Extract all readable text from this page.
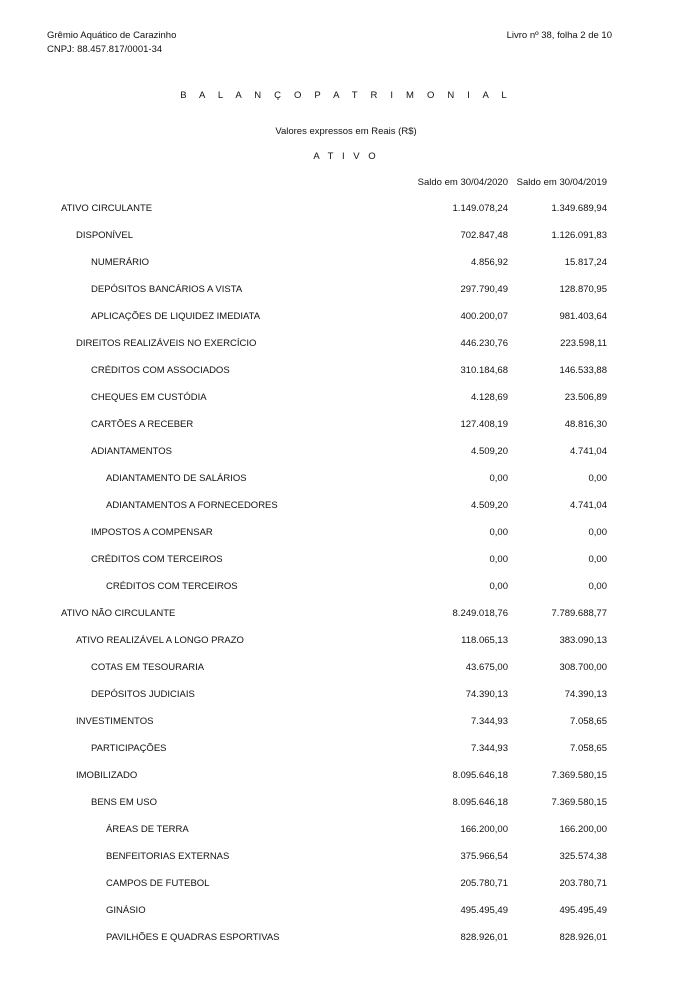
Grêmio Aquático de Carazinho
CNPJ: 88.457.817/0001-34
Livro nº 38, folha 2 de 10
B A L A N Ç O P A T R I M O N I A L
Valores expressos em Reais (R$)
A T I V O
Saldo em 30/04/2020 Saldo em 30/04/2019
ATIVO CIRCULANTE	1.149.078,24	1.349.689,94
DISPONÍVEL	702.847,48	1.126.091,83
NUMERÁRIO	4.856,92	15.817,24
DEPÓSITOS BANCÁRIOS A VISTA	297.790,49	128.870,95
APLICAÇÕES DE LIQUIDEZ IMEDIATA	400.200,07	981.403,64
DIREITOS REALIZÁVEIS NO EXERCÍCIO	446.230,76	223.598,11
CRÉDITOS COM ASSOCIADOS	310.184,68	146.533,88
CHEQUES EM CUSTÓDIA	4.128,69	23.506,89
CARTÕES A RECEBER	127.408,19	48.816,30
ADIANTAMENTOS	4.509,20	4.741,04
ADIANTAMENTO DE SALÁRIOS	0,00	0,00
ADIANTAMENTOS A FORNECEDORES	4.509,20	4.741,04
IMPOSTOS A COMPENSAR	0,00	0,00
CRÉDITOS COM TERCEIROS	0,00	0,00
CRÉDITOS COM TERCEIROS	0,00	0,00
ATIVO NÃO CIRCULANTE	8.249.018,76	7.789.688,77
ATIVO REALIZÁVEL A LONGO PRAZO	118.065,13	383.090,13
COTAS EM TESOURARIA	43.675,00	308.700,00
DEPÓSITOS JUDICIAIS	74.390,13	74.390,13
INVESTIMENTOS	7.344,93	7.058,65
PARTICIPAÇÕES	7.344,93	7.058,65
IMOBILIZADO	8.095.646,18	7.369.580,15
BENS EM USO	8.095.646,18	7.369.580,15
ÁREAS DE TERRA	166.200,00	166.200,00
BENFEITORIAS EXTERNAS	375.966,54	325.574,38
CAMPOS DE FUTEBOL	205.780,71	203.780,71
GINÁSIO	495.495,49	495.495,49
PAVILHÕES E QUADRAS ESPORTIVAS	828.926,01	828.926,01
